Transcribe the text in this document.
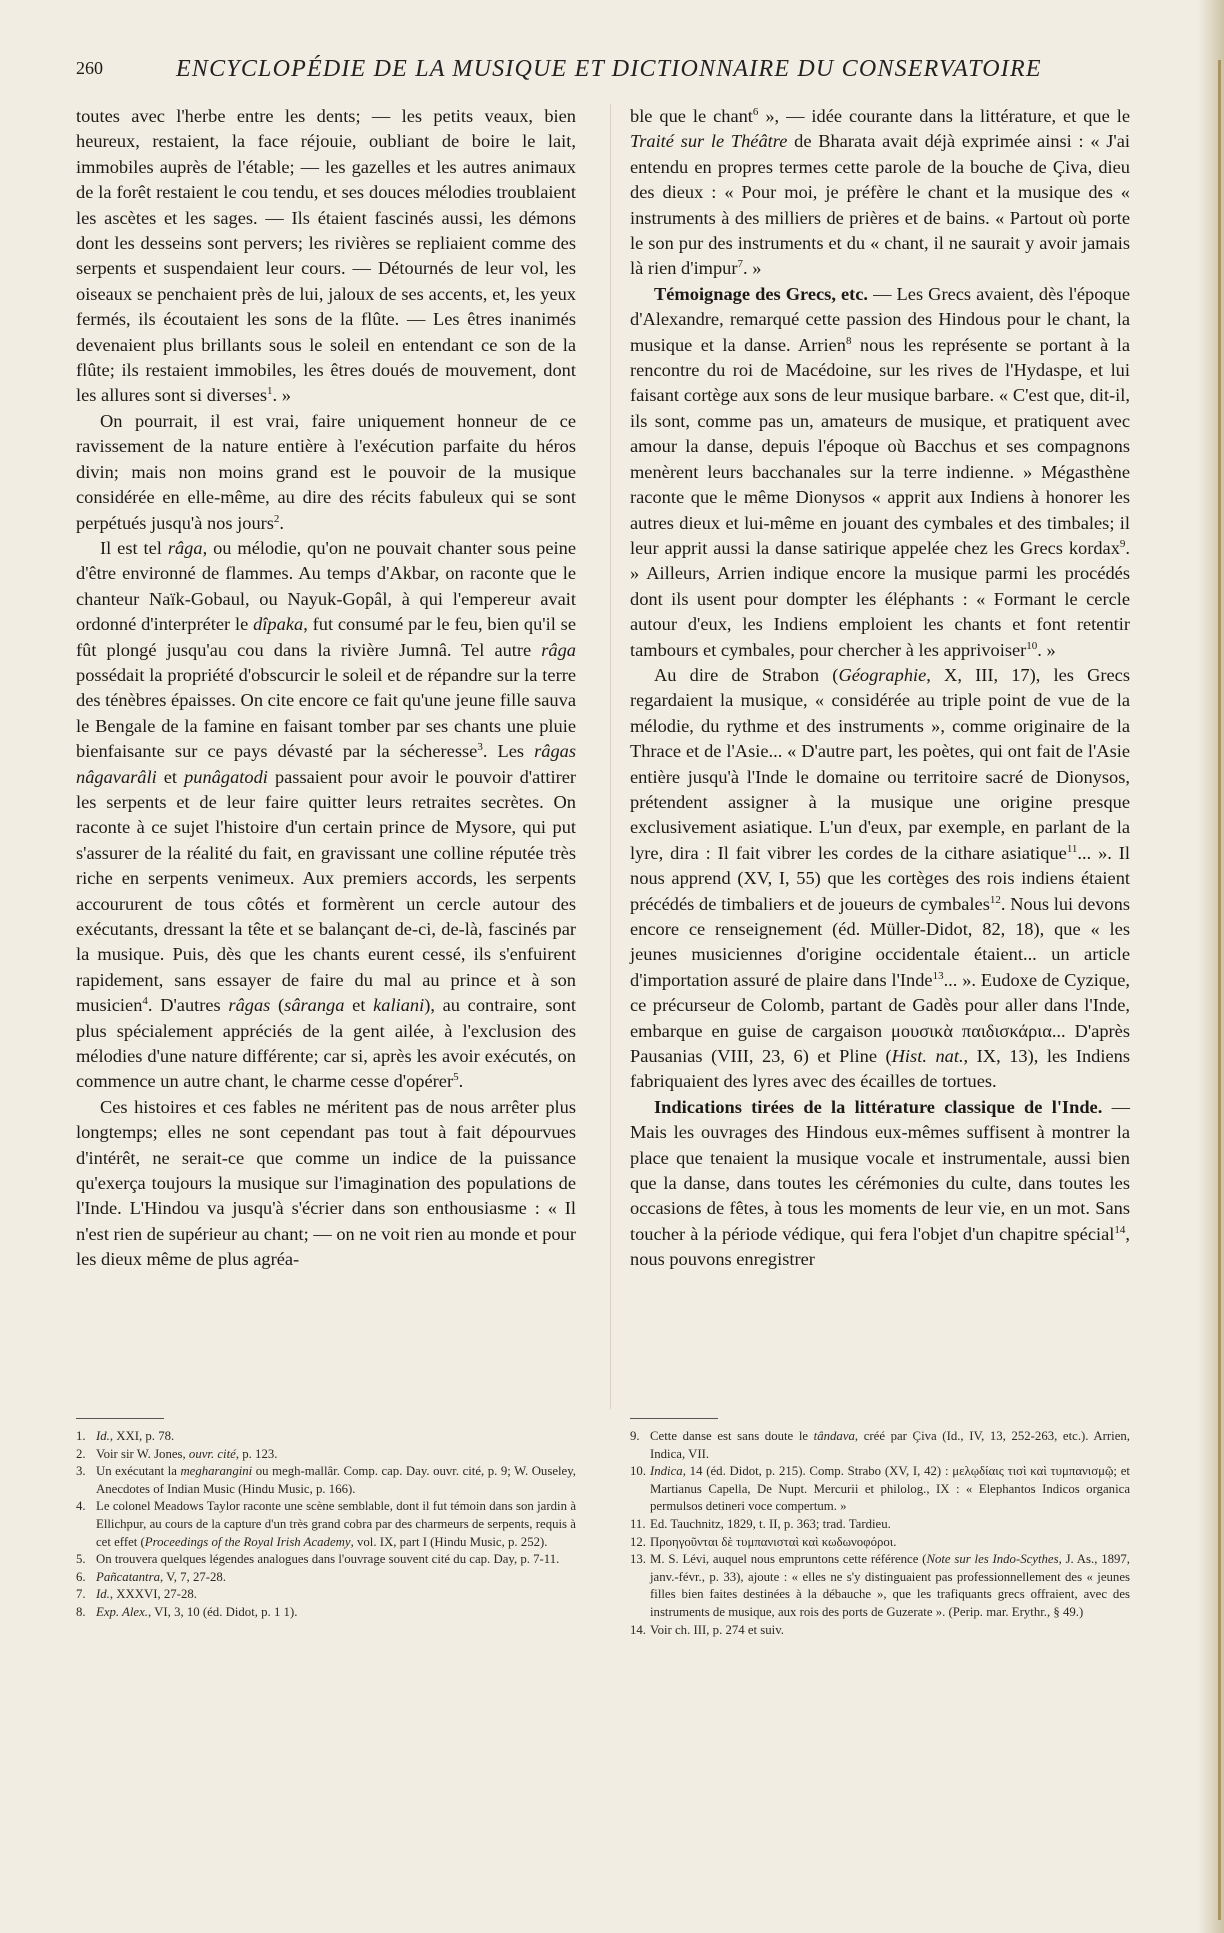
260	ENCYCLOPÉDIE DE LA MUSIQUE ET DICTIONNAIRE DU CONSERVATOIRE

toutes avec l'herbe entre les dents; — les petits veaux, bien heureux, restaient, la face réjouie, oubliant de boire le lait, immobiles auprès de l'étable; — les gazelles et les autres animaux de la forêt restaient le cou tendu, et ses douces mélodies troublaient les ascètes et les sages. — Ils étaient fascinés aussi, les démons dont les desseins sont pervers; les rivières se repliaient comme des serpents et suspendaient leur cours. — Détournés de leur vol, les oiseaux se penchaient près de lui, jaloux de ses accents, et, les yeux fermés, ils écoutaient les sons de la flûte. — Les êtres inanimés devenaient plus brillants sous le soleil en entendant ce son de la flûte; ils restaient immobiles, les êtres doués de mouvement, dont les allures sont si diverses$^1$. »

On pourrait, il est vrai, faire uniquement honneur de ce ravissement de la nature entière à l'exécution parfaite du héros divin; mais non moins grand est le pouvoir de la musique considérée en elle-même, au dire des récits fabuleux qui se sont perpétués jusqu'à nos jours$^2$.

Il est tel râga, ou mélodie, qu'on ne pouvait chanter sous peine d'être environné de flammes. Au temps d'Akbar, on raconte que le chanteur Naïk-Gobaul, ou Nayuk-Gopâl, à qui l'empereur avait ordonné d'interpréter le dîpaka, fut consumé par le feu, bien qu'il se fût plongé jusqu'au cou dans la rivière Jumnâ. Tel autre râga possédait la propriété d'obscurcir le soleil et de répandre sur la terre des ténèbres épaisses. On cite encore ce fait qu'une jeune fille sauva le Bengale de la famine en faisant tomber par ses chants une pluie bienfaisante sur ce pays dévasté par la sécheresse$^3$. Les râgas nâgavarâli et punâgatodi passaient pour avoir le pouvoir d'attirer les serpents et de leur faire quitter leurs retraites secrètes. On raconte à ce sujet l'histoire d'un certain prince de Mysore, qui put s'assurer de la réalité du fait, en gravissant une colline réputée très riche en serpents venimeux. Aux premiers accords, les serpents accoururent de tous côtés et formèrent un cercle autour des exécutants, dressant la tête et se balançant de-ci, de-là, fascinés par la musique. Puis, dès que les chants eurent cessé, ils s'enfuirent rapidement, sans essayer de faire du mal au prince et à son musicien$^4$. D'autres râgas (sâranga et kaliani), au contraire, sont plus spécialement appréciés de la gent ailée, à l'exclusion des mélodies d'une nature différente; car si, après les avoir exécutés, on commence un autre chant, le charme cesse d'opérer$^5$.

Ces histoires et ces fables ne méritent pas de nous arrêter plus longtemps; elles ne sont cependant pas tout à fait dépourvues d'intérêt, ne serait-ce que comme un indice de la puissance qu'exerça toujours la musique sur l'imagination des populations de l'Inde. L'Hindou va jusqu'à s'écrier dans son enthousiasme : « Il n'est rien de supérieur au chant; — on ne voit rien au monde et pour les dieux même de plus agréa-

ble que le chant$^6$ », — idée courante dans la littérature, et que le Traité sur le Théâtre de Bharata avait déjà exprimée ainsi : « J'ai entendu en propres termes cette parole de la bouche de Çiva, dieu des dieux : « Pour moi, je préfère le chant et la musique des « instruments à des milliers de prières et de bains. « Partout où porte le son pur des instruments et du « chant, il ne saurait y avoir jamais là rien d'impur$^7$. »

Témoignage des Grecs, etc. — Les Grecs avaient, dès l'époque d'Alexandre, remarqué cette passion des Hindous pour le chant, la musique et la danse. Arrien$^8$ nous les représente se portant à la rencontre du roi de Macédoine, sur les rives de l'Hydaspe, et lui faisant cortège aux sons de leur musique barbare. « C'est que, dit-il, ils sont, comme pas un, amateurs de musique, et pratiquent avec amour la danse, depuis l'époque où Bacchus et ses compagnons menèrent leurs bacchanales sur la terre indienne. » Mégasthène raconte que le même Dionysos « apprit aux Indiens à honorer les autres dieux et lui-même en jouant des cymbales et des timbales; il leur apprit aussi la danse satirique appelée chez les Grecs kordax$^9$. » Ailleurs, Arrien indique encore la musique parmi les procédés dont ils usent pour dompter les éléphants : « Formant le cercle autour d'eux, les Indiens emploient les chants et font retentir tambours et cymbales, pour chercher à les apprivoiser$^{10}$. »

Au dire de Strabon (Géographie, X, III, 17), les Grecs regardaient la musique, « considérée au triple point de vue de la mélodie, du rythme et des instruments », comme originaire de la Thrace et de l'Asie... « D'autre part, les poètes, qui ont fait de l'Asie entière jusqu'à l'Inde le domaine ou territoire sacré de Dionysos, prétendent assigner à la musique une origine presque exclusivement asiatique. L'un d'eux, par exemple, en parlant de la lyre, dira : Il fait vibrer les cordes de la cithare asiatique$^{11}$... ». Il nous apprend (XV, I, 55) que les cortèges des rois indiens étaient précédés de timbaliers et de joueurs de cymbales$^{12}$. Nous lui devons encore ce renseignement (éd. Müller-Didot, 82, 18), que « les jeunes musiciennes d'origine occidentale étaient... un article d'importation assuré de plaire dans l'Inde$^{13}$... ». Eudoxe de Cyzique, ce précurseur de Colomb, partant de Gadès pour aller dans l'Inde, embarque en guise de cargaison μουσικὰ παιδισκάρια... D'après Pausanias (VIII, 23, 6) et Pline (Hist. nat., IX, 13), les Indiens fabriquaient des lyres avec des écailles de tortues.

Indications tirées de la littérature classique de l'Inde. — Mais les ouvrages des Hindous eux-mêmes suffisent à montrer la place que tenaient la musique vocale et instrumentale, aussi bien que la danse, dans toutes les cérémonies du culte, dans toutes les occasions de fêtes, à tous les moments de leur vie, en un mot. Sans toucher à la période védique, qui fera l'objet d'un chapitre spécial$^{14}$, nous pouvons enregistrer

1. Id., XXI, p. 78.

2. Voir sir W. Jones, ouvr. cité, p. 123.

3. Un exécutant la megharangini ou megh-mallâr. Comp. cap. Day. ouvr. cité, p. 9; W. Ouseley, Anecdotes of Indian Music (Hindu Music, p. 166).

4. Le colonel Meadows Taylor raconte une scène semblable, dont il fut témoin dans son jardin à Ellichpur, au cours de la capture d'un très grand cobra par des charmeurs de serpents, requis à cet effet (Proceedings of the Royal Irish Academy, vol. IX, part I (Hindu Music, p. 252).

5. On trouvera quelques légendes analogues dans l'ouvrage souvent cité du cap. Day, p. 7-11.

6. Pañcatantra, V, 7, 27-28.

7. Id., XXXVI, 27-28.

8. Exp. Alex., VI, 3, 10 (éd. Didot, p. 1 1).

9. Cette danse est sans doute le tândava, créé par Çiva (Id., IV, 13, 252-263, etc.). Arrien, Indica, VII.

10. Indica, 14 (éd. Didot, p. 215). Comp. Strabo (XV, I, 42) : μελῳδίαις τισὶ καὶ τυμπανισμῷ; et Martianus Capella, De Nupt. Mercurii et philolog., IX : « Elephantos Indicos organica permulsos detineri voce compertum. »

11. Ed. Tauchnitz, 1829, t. II, p. 363; trad. Tardieu.

12. Προηγοῦνται δὲ τυμπανισταὶ καὶ κωδωνοφόροι.

13. M. S. Lévi, auquel nous empruntons cette référence (Note sur les Indo-Scythes, J. As., 1897, janv.-févr., p. 33), ajoute : « elles ne s'y distinguaient pas professionnellement des « jeunes filles bien faites destinées à la débauche », que les trafiquants grecs offraient, avec des instruments de musique, aux rois des ports de Guzerate ». (Perip. mar. Erythr., § 49.)

14. Voir ch. III, p. 274 et suiv.
